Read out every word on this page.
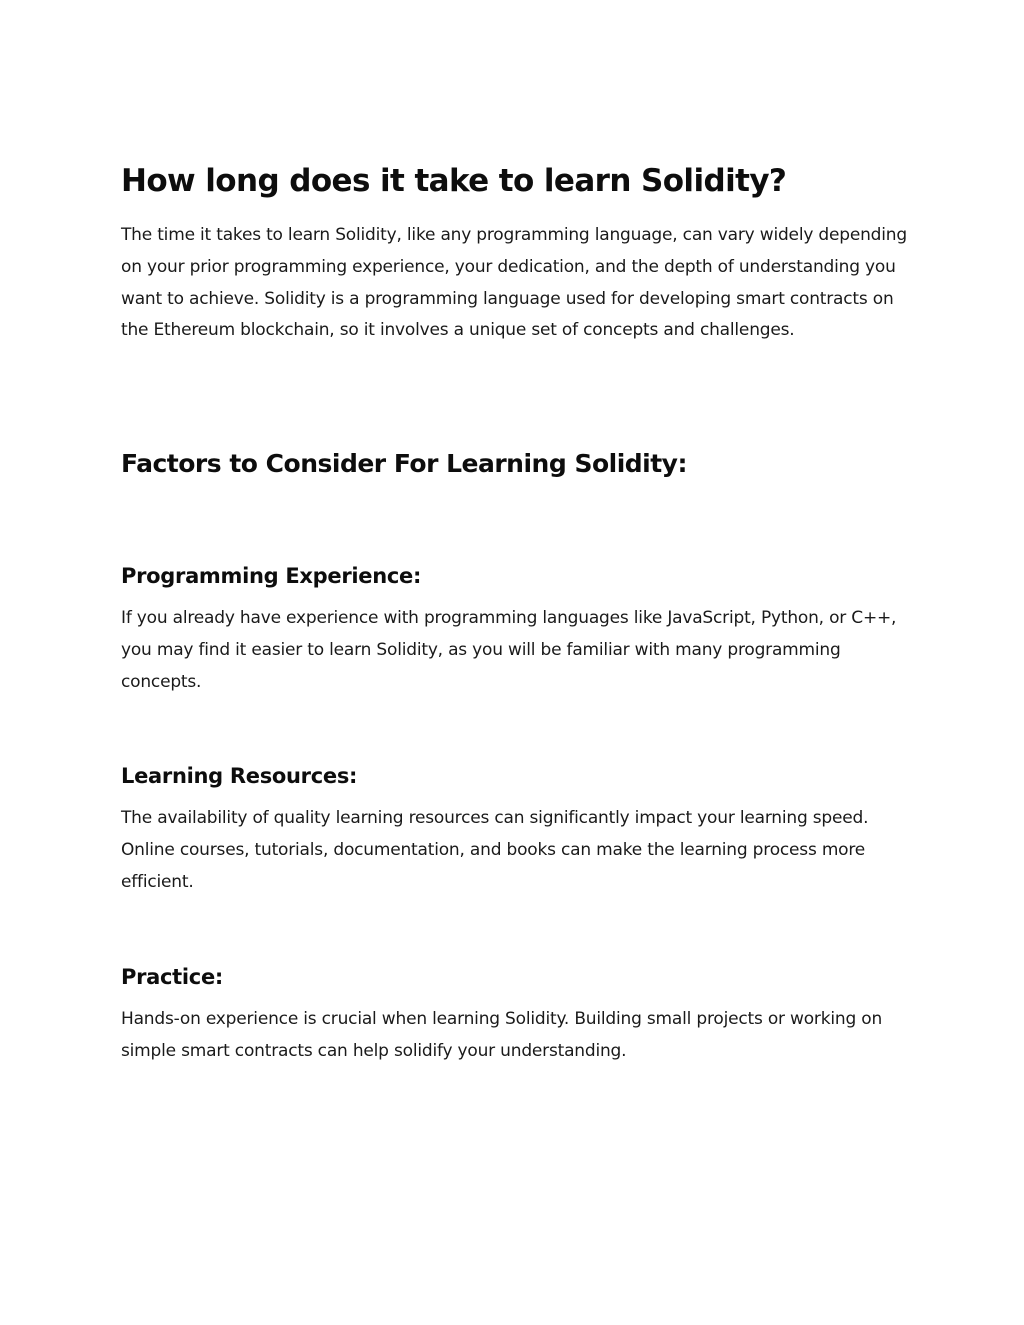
How long does it take to learn Solidity?

The time it takes to learn Solidity, like any programming language, can vary widely depending on your prior programming experience, your dedication, and the depth of understanding you want to achieve. Solidity is a programming language used for developing smart contracts on the Ethereum blockchain, so it involves a unique set of concepts and challenges.

Factors to Consider For Learning Solidity:
Programming Experience:

If you already have experience with programming languages like JavaScript, Python, or C++, you may find it easier to learn Solidity, as you will be familiar with many programming concepts.

Learning Resources:

The availability of quality learning resources can significantly impact your learning speed. Online courses, tutorials, documentation, and books can make the learning process more efficient.

Practice:

Hands-on experience is crucial when learning Solidity. Building small projects or working on simple smart contracts can help solidify your understanding.
